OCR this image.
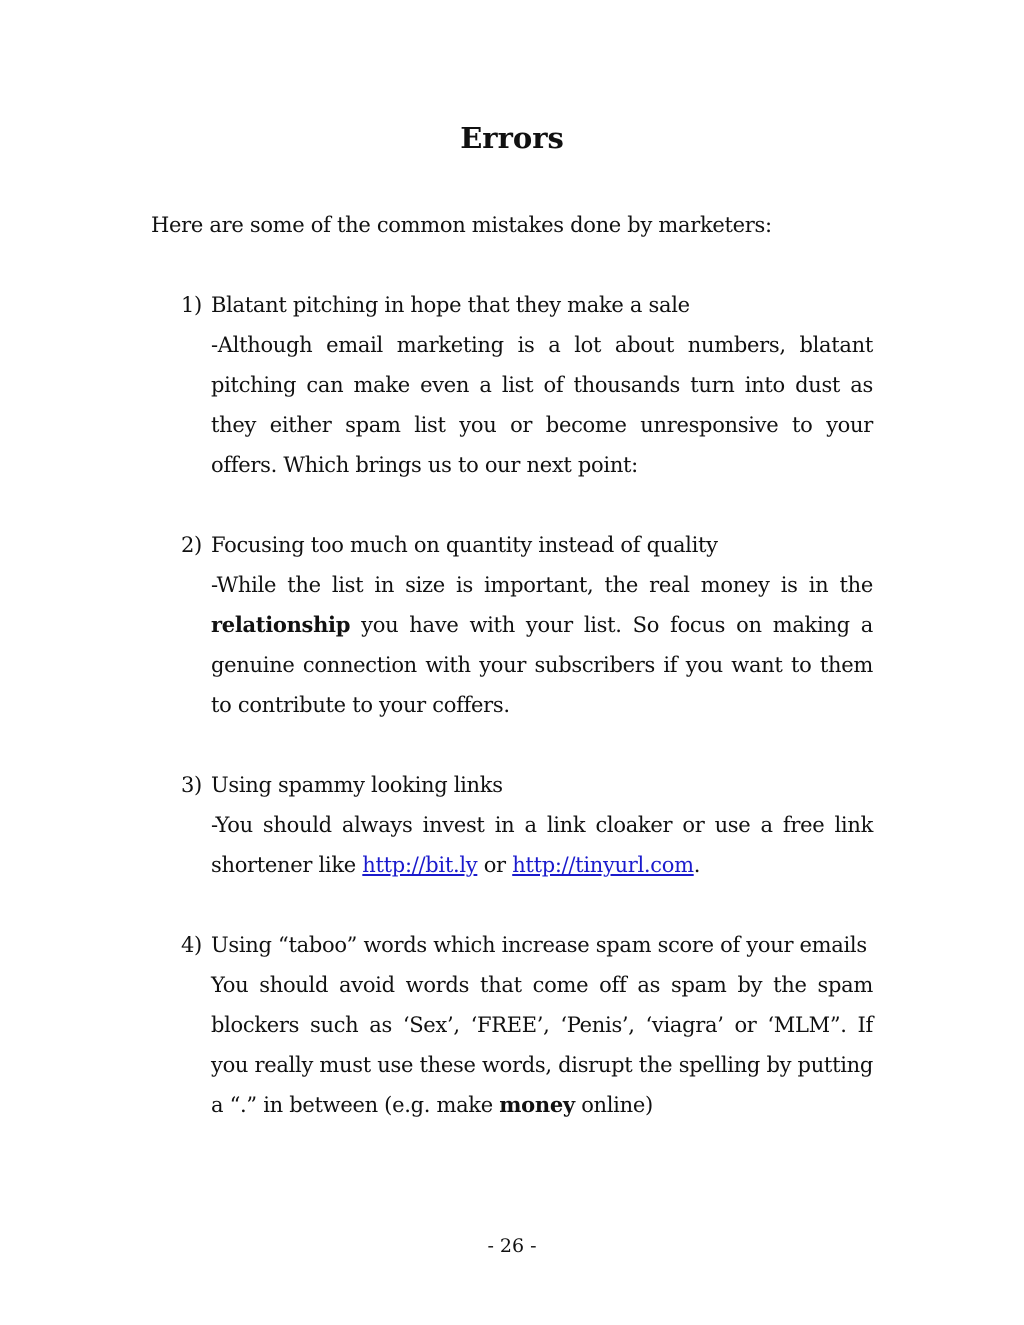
Errors

Here are some of the common mistakes done by marketers:

1) Blatant pitching in hope that they make a sale
-Although email marketing is a lot about numbers, blatant pitching can make even a list of thousands turn into dust as they either spam list you or become unresponsive to your offers. Which brings us to our next point:
2) Focusing too much on quantity instead of quality
-While the list in size is important, the real money is in the relationship you have with your list. So focus on making a genuine connection with your subscribers if you want to them to contribute to your coffers.
3) Using spammy looking links
-You should always invest in a link cloaker or use a free link shortener like http://bit.ly or http://tinyurl.com.
4) Using “taboo” words which increase spam score of your emails
You should avoid words that come off as spam by the spam blockers such as ‘Sex’, ‘FREE’, ‘Penis’, ‘viagra’ or ‘MLM”. If you really must use these words, disrupt the spelling by putting a “.” in between (e.g. make money online)
- 26 -
